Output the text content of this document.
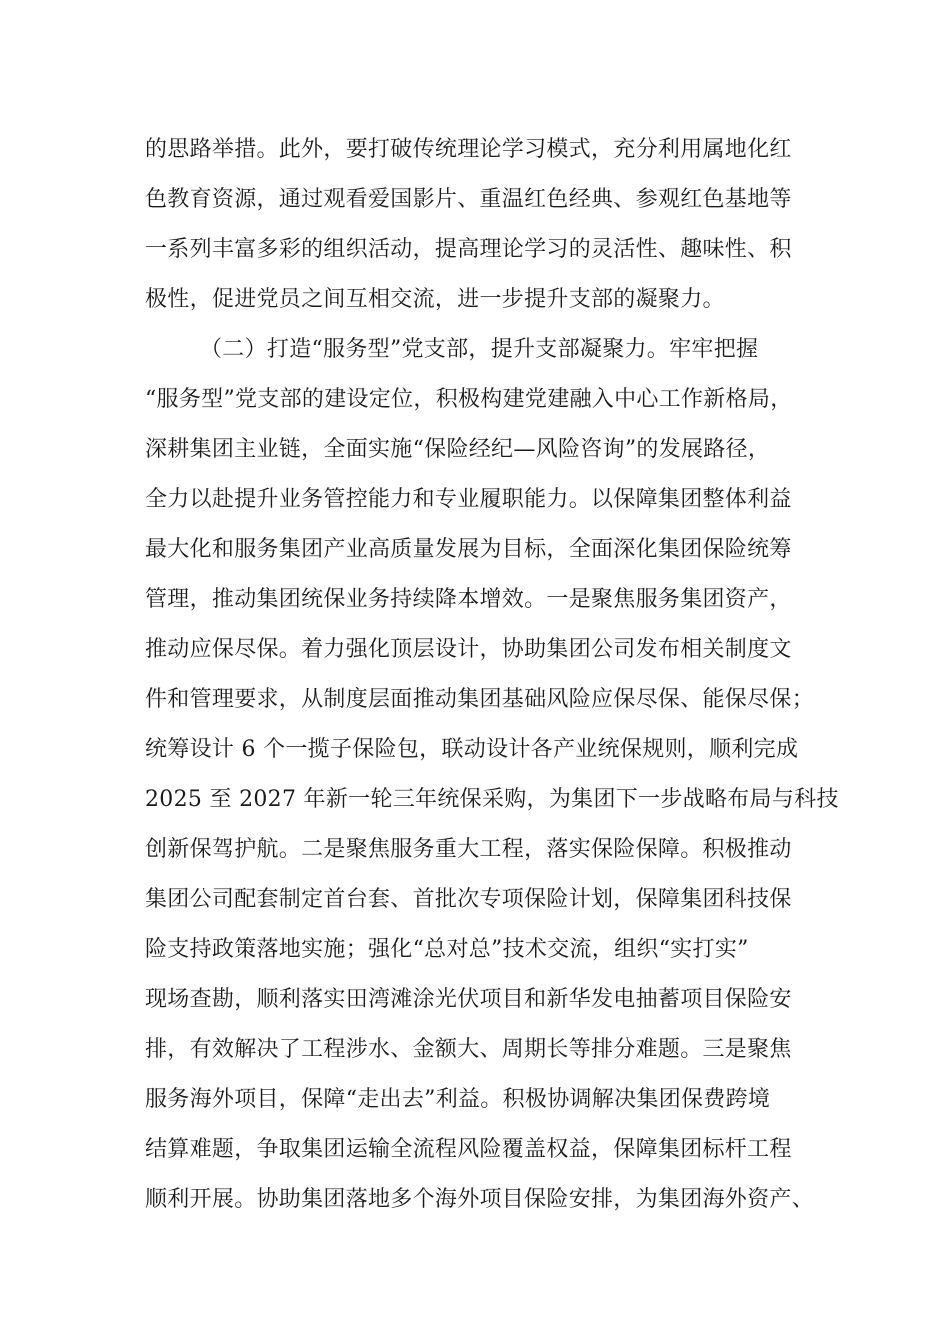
的思路举措。此外，要打破传统理论学习模式，充分利用属地化红
色教育资源，通过观看爱国影片、重温红色经典、参观红色基地等
一系列丰富多彩的组织活动，提高理论学习的灵活性、趣味性、积
极性，促进党员之间互相交流，进一步提升支部的凝聚力。
（二）打造“服务型”党支部，提升支部凝聚力。牢牢把握
“服务型”党支部的建设定位，积极构建党建融入中心工作新格局，
深耕集团主业链，全面实施“保险经纪—风险咨询”的发展路径，
全力以赴提升业务管控能力和专业履职能力。以保障集团整体利益
最大化和服务集团产业高质量发展为目标，全面深化集团保险统筹
管理，推动集团统保业务持续降本增效。一是聚焦服务集团资产，
推动应保尽保。着力强化顶层设计，协助集团公司发布相关制度文
件和管理要求，从制度层面推动集团基础风险应保尽保、能保尽保；
统筹设计 6 个一揽子保险包，联动设计各产业统保规则，顺利完成
2025 至 2027 年新一轮三年统保采购，为集团下一步战略布局与科技
创新保驾护航。二是聚焦服务重大工程，落实保险保障。积极推动
集团公司配套制定首台套、首批次专项保险计划，保障集团科技保
险支持政策落地实施；强化“总对总”技术交流，组织“实打实”
现场查勘，顺利落实田湾滩涂光伏项目和新华发电抽蓄项目保险安
排，有效解决了工程涉水、金额大、周期长等排分难题。三是聚焦
服务海外项目，保障“走出去”利益。积极协调解决集团保费跨境
结算难题，争取集团运输全流程风险覆盖权益，保障集团标杆工程
顺利开展。协助集团落地多个海外项目保险安排，为集团海外资产、
